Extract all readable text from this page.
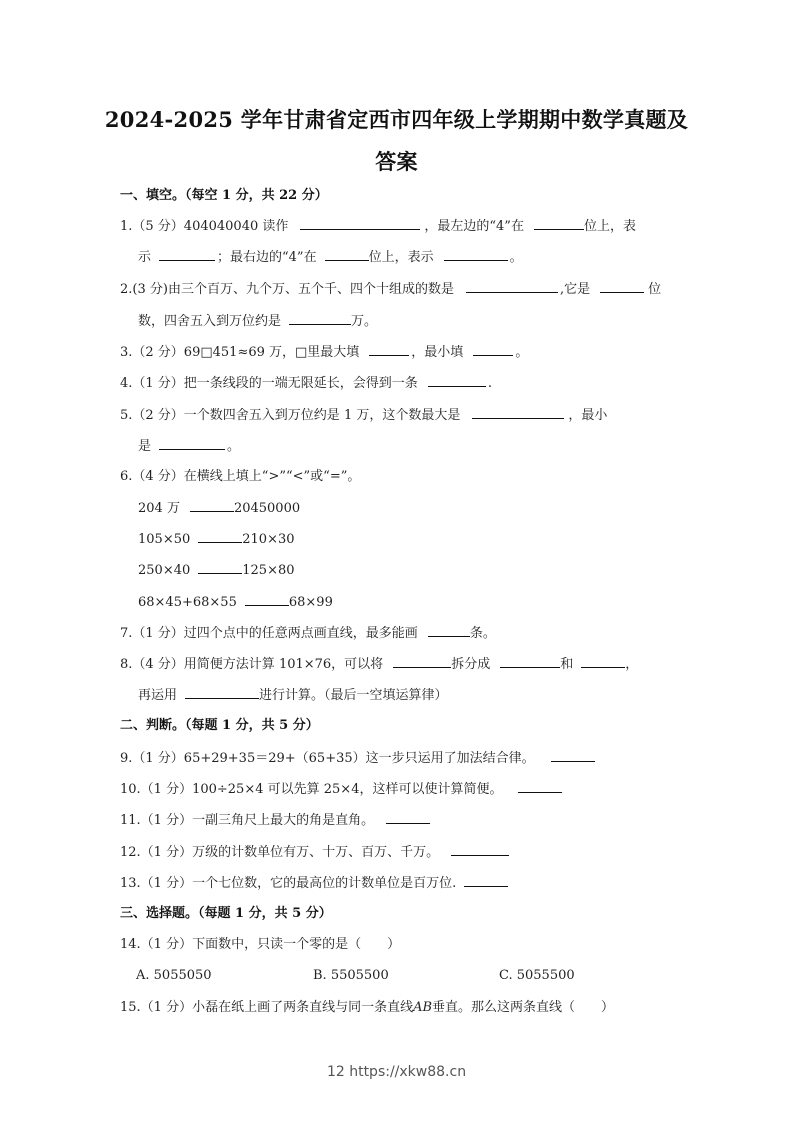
2024-2025 学年甘肃省定西市四年级上学期期中数学真题及
答案
一、填空。（每空 1 分，共 22 分）
1.（5 分）404040040 读作	，最左边的“4”在	位上，表
示	；最右边的“4”在	位上，表示	。
2.(3 分)由三个百万、九个万、五个千、四个十组成的数是	,它是	位
数，四舍五入到万位约是	万。
3.（2 分）69□451≈69 万，□里最大填	，最小填	。
4.（1 分）把一条线段的一端无限延长，会得到一条	.
5.（2 分）一个数四舍五入到万位约是 1 万，这个数最大是	，最小
是	。
6.（4 分）在横线上填上“>”“<”或“=”。
204 万	20450000
105×50	210×30
250×40	125×80
68×45+68×55	68×99
7.（1 分）过四个点中的任意两点画直线，最多能画	条。
8.（4 分）用简便方法计算 101×76，可以将	拆分成	和	，
再运用	进行计算。（最后一空填运算律）
二、判断。（每题 1 分，共 5 分）
9.（1 分）65+29+35＝29+（65+35）这一步只运用了加法结合律。
10.（1 分）100÷25×4 可以先算 25×4，这样可以使计算简便。
11.（1 分）一副三角尺上最大的角是直角。
12.（1 分）万级的计数单位有万、十万、百万、千万。
13.（1 分）一个七位数，它的最高位的计数单位是百万位.
三、选择题。（每题 1 分，共 5 分）
14.（1 分）下面数中，只读一个零的是（　　）
A. 5055050	B. 5505500	C. 5055500
15.（1 分）小磊在纸上画了两条直线与同一条直线AB垂直。那么这两条直线（　　）
12 https://xkw88.cn
